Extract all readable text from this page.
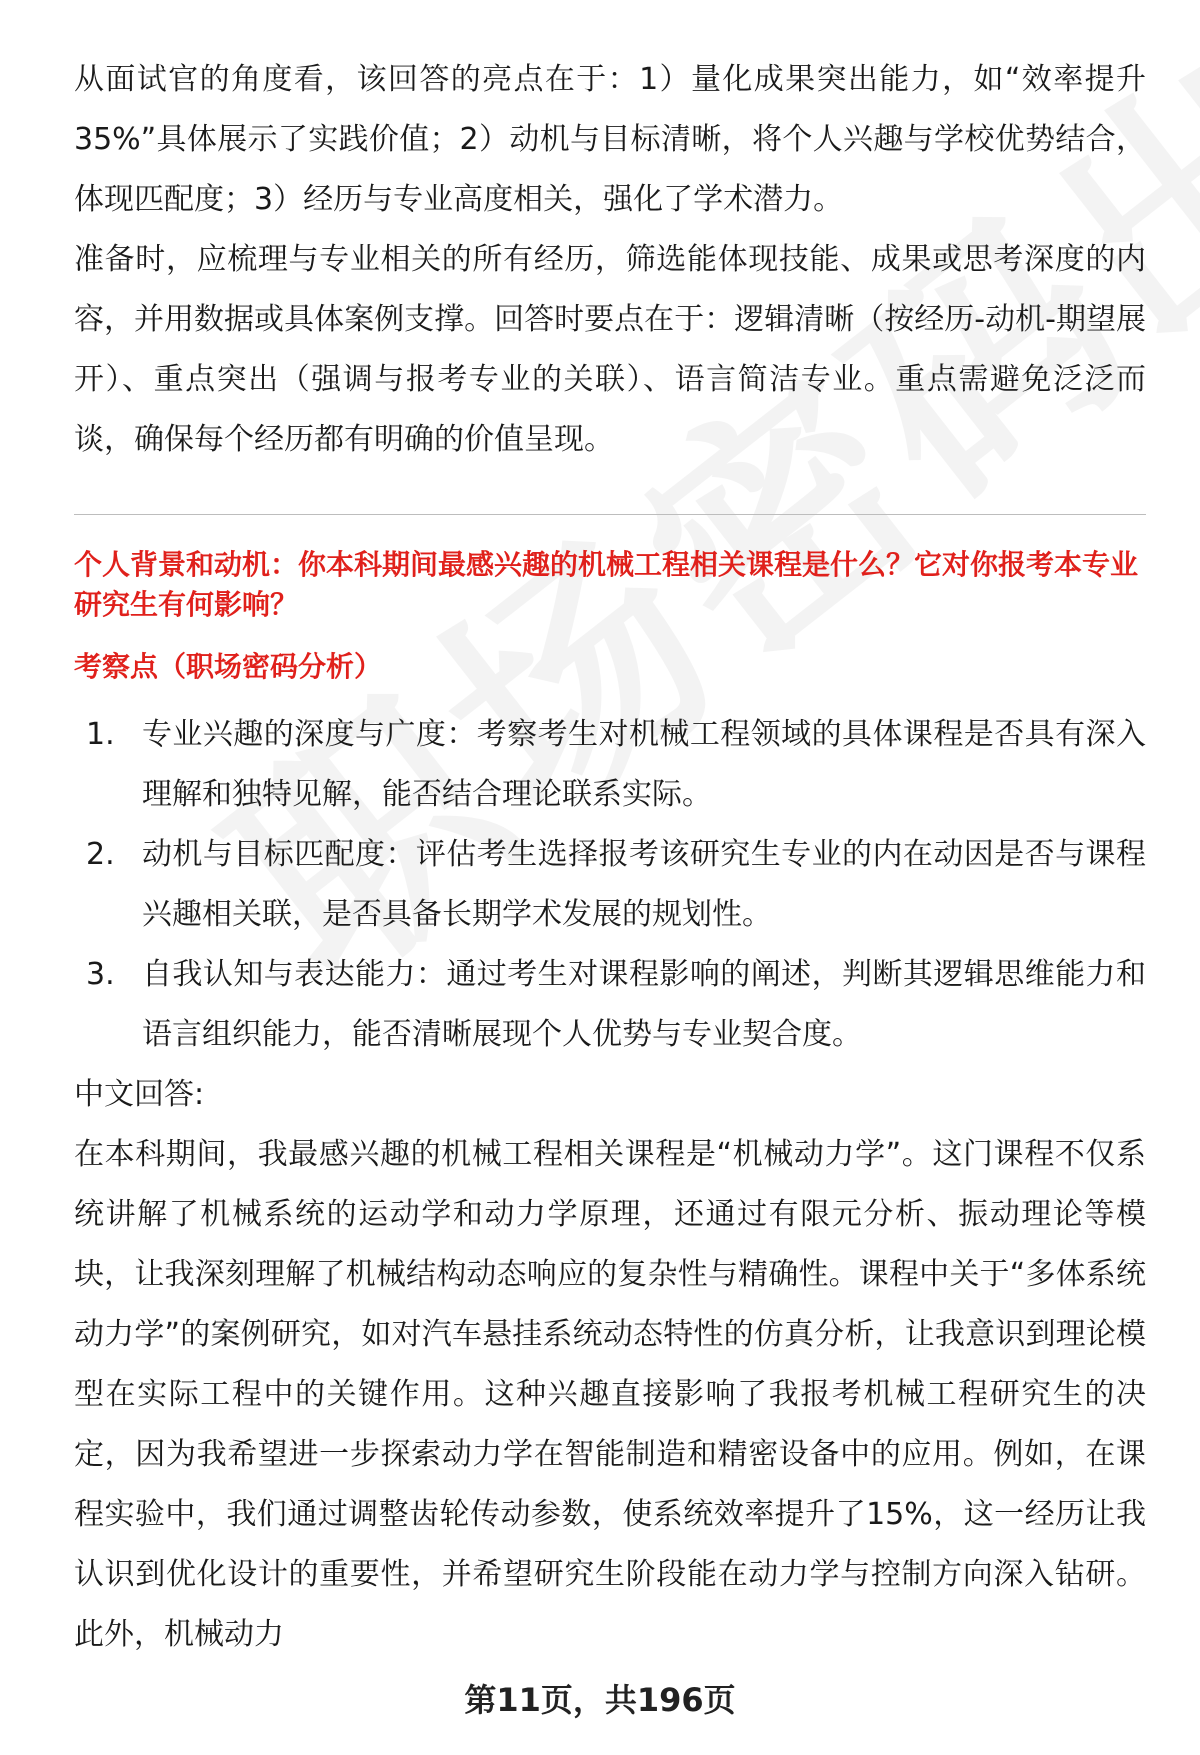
从面试官的角度看，该回答的亮点在于：1）量化成果突出能力，如“效率提升35%”具体展示了实践价值；2）动机与目标清晰，将个人兴趣与学校优势结合，体现匹配度；3）经历与专业高度相关，强化了学术潜力。

准备时，应梳理与专业相关的所有经历，筛选能体现技能、成果或思考深度的内容，并用数据或具体案例支撑。回答时要点在于：逻辑清晰（按经历-动机-期望展开）、重点突出（强调与报考专业的关联）、语言简洁专业。重点需避免泛泛而谈，确保每个经历都有明确的价值呈现。

个人背景和动机：你本科期间最感兴趣的机械工程相关课程是什么？它对你报考本专业研究生有何影响？

考察点（职场密码分析）

1. 专业兴趣的深度与广度：考察考生对机械工程领域的具体课程是否具有深入理解和独特见解，能否结合理论联系实际。
2. 动机与目标匹配度：评估考生选择报考该研究生专业的内在动因是否与课程兴趣相关联，是否具备长期学术发展的规划性。
3. 自我认知与表达能力：通过考生对课程影响的阐述，判断其逻辑思维能力和语言组织能力，能否清晰展现个人优势与专业契合度。

中文回答:

在本科期间，我最感兴趣的机械工程相关课程是“机械动力学”。这门课程不仅系统讲解了机械系统的运动学和动力学原理，还通过有限元分析、振动理论等模块，让我深刻理解了机械结构动态响应的复杂性与精确性。课程中关于“多体系统动力学”的案例研究，如对汽车悬挂系统动态特性的仿真分析，让我意识到理论模型在实际工程中的关键作用。这种兴趣直接影响了我报考机械工程研究生的决定，因为我希望进一步探索动力学在智能制造和精密设备中的应用。例如，在课程实验中，我们通过调整齿轮传动参数，使系统效率提升了15%，这一经历让我认识到优化设计的重要性，并希望研究生阶段能在动力学与控制方向深入钻研。此外，机械动力

第11页，共196页
